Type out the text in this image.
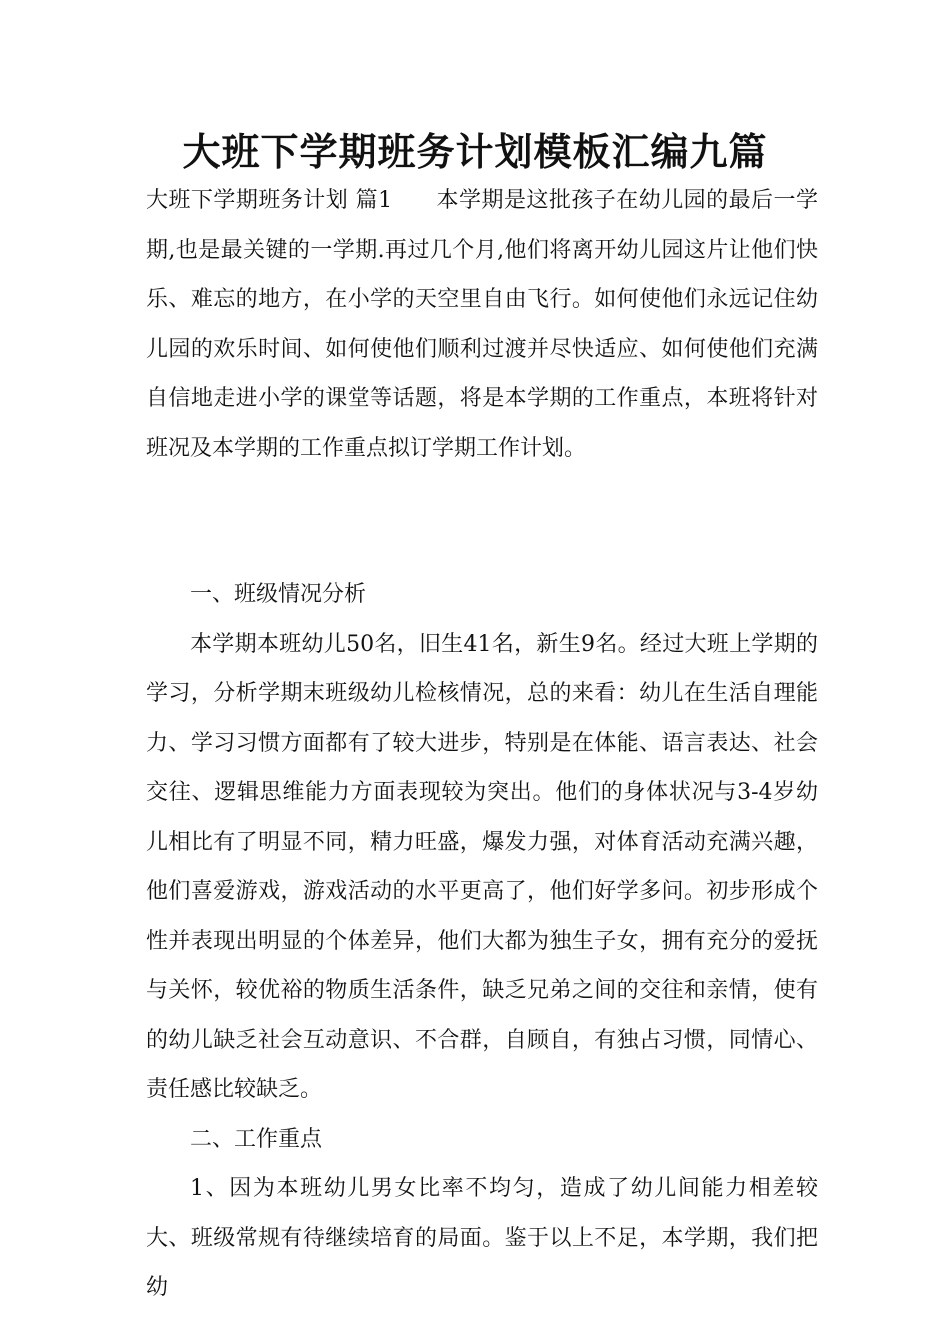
大班下学期班务计划模板汇编九篇

大班下学期班务计划 篇1 本学期是这批孩子在幼儿园的最后一学期,也是最关键的一学期.再过几个月,他们将离开幼儿园这片让他们快乐、难忘的地方，在小学的天空里自由飞行。如何使他们永远记住幼儿园的欢乐时间、如何使他们顺利过渡并尽快适应、如何使他们充满自信地走进小学的课堂等话题，将是本学期的工作重点，本班将针对班况及本学期的工作重点拟订学期工作计划。

一、班级情况分析

本学期本班幼儿50名，旧生41名，新生9名。经过大班上学期的学习，分析学期末班级幼儿检核情况，总的来看：幼儿在生活自理能力、学习习惯方面都有了较大进步，特别是在体能、语言表达、社会交往、逻辑思维能力方面表现较为突出。他们的身体状况与3-4岁幼儿相比有了明显不同，精力旺盛，爆发力强，对体育活动充满兴趣，他们喜爱游戏，游戏活动的水平更高了，他们好学多问。初步形成个性并表现出明显的个体差异，他们大都为独生子女，拥有充分的爱抚与关怀，较优裕的物质生活条件，缺乏兄弟之间的交往和亲情，使有的幼儿缺乏社会互动意识、不合群，自顾自，有独占习惯，同情心、责任感比较缺乏。

二、工作重点

1、因为本班幼儿男女比率不均匀，造成了幼儿间能力相差较大、班级常规有待继续培育的局面。鉴于以上不足，本学期，我们把幼
